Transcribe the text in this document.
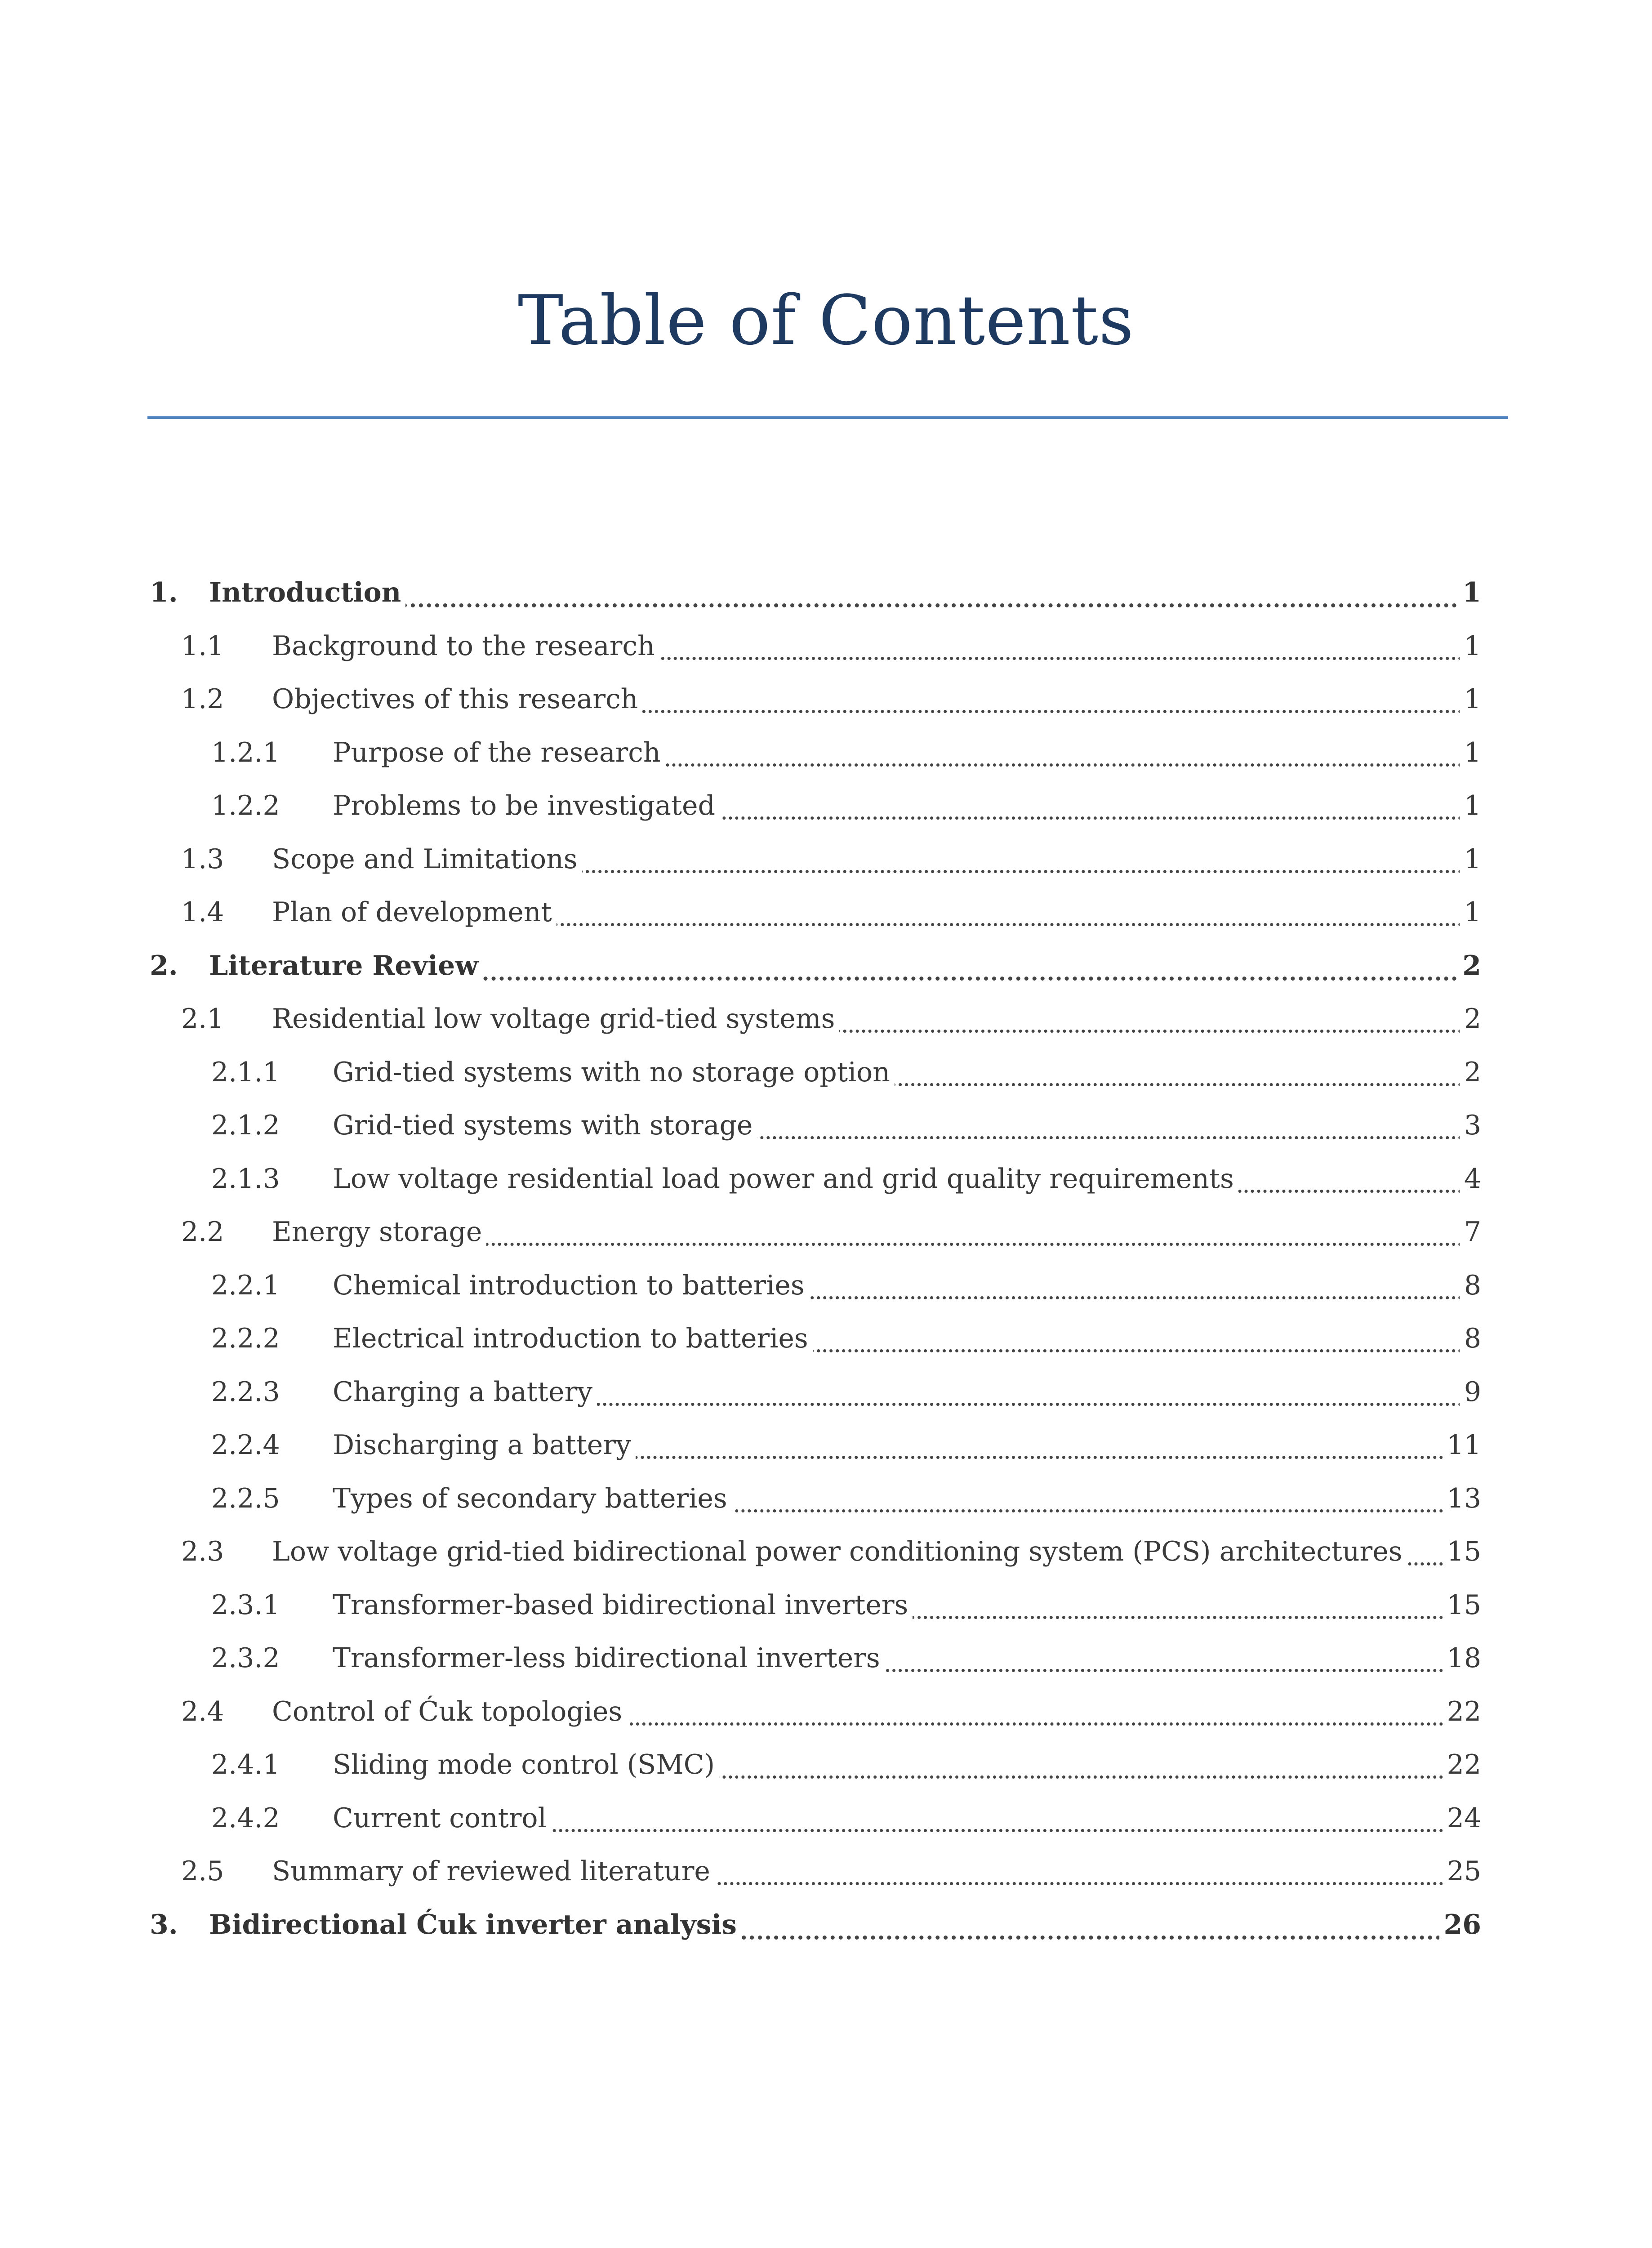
Table of Contents
1. Introduction	1
1.1 Background to the research	1
1.2 Objectives of this research	1
1.2.1 Purpose of the research	1
1.2.2 Problems to be investigated	1
1.3 Scope and Limitations	1
1.4 Plan of development	1
2. Literature Review	2
2.1 Residential low voltage grid-tied systems	2
2.1.1 Grid-tied systems with no storage option	2
2.1.2 Grid-tied systems with storage	3
2.1.3 Low voltage residential load power and grid quality requirements	4
2.2 Energy storage	7
2.2.1 Chemical introduction to batteries	8
2.2.2 Electrical introduction to batteries	8
2.2.3 Charging a battery	9
2.2.4 Discharging a battery	11
2.2.5 Types of secondary batteries	13
2.3 Low voltage grid-tied bidirectional power conditioning system (PCS) architectures 15
2.3.1 Transformer-based bidirectional inverters	15
2.3.2 Transformer-less bidirectional inverters	18
2.4 Control of Ćuk topologies	22
2.4.1 Sliding mode control (SMC)	22
2.4.2 Current control	24
2.5 Summary of reviewed literature	25
3. Bidirectional Ćuk inverter analysis	26
